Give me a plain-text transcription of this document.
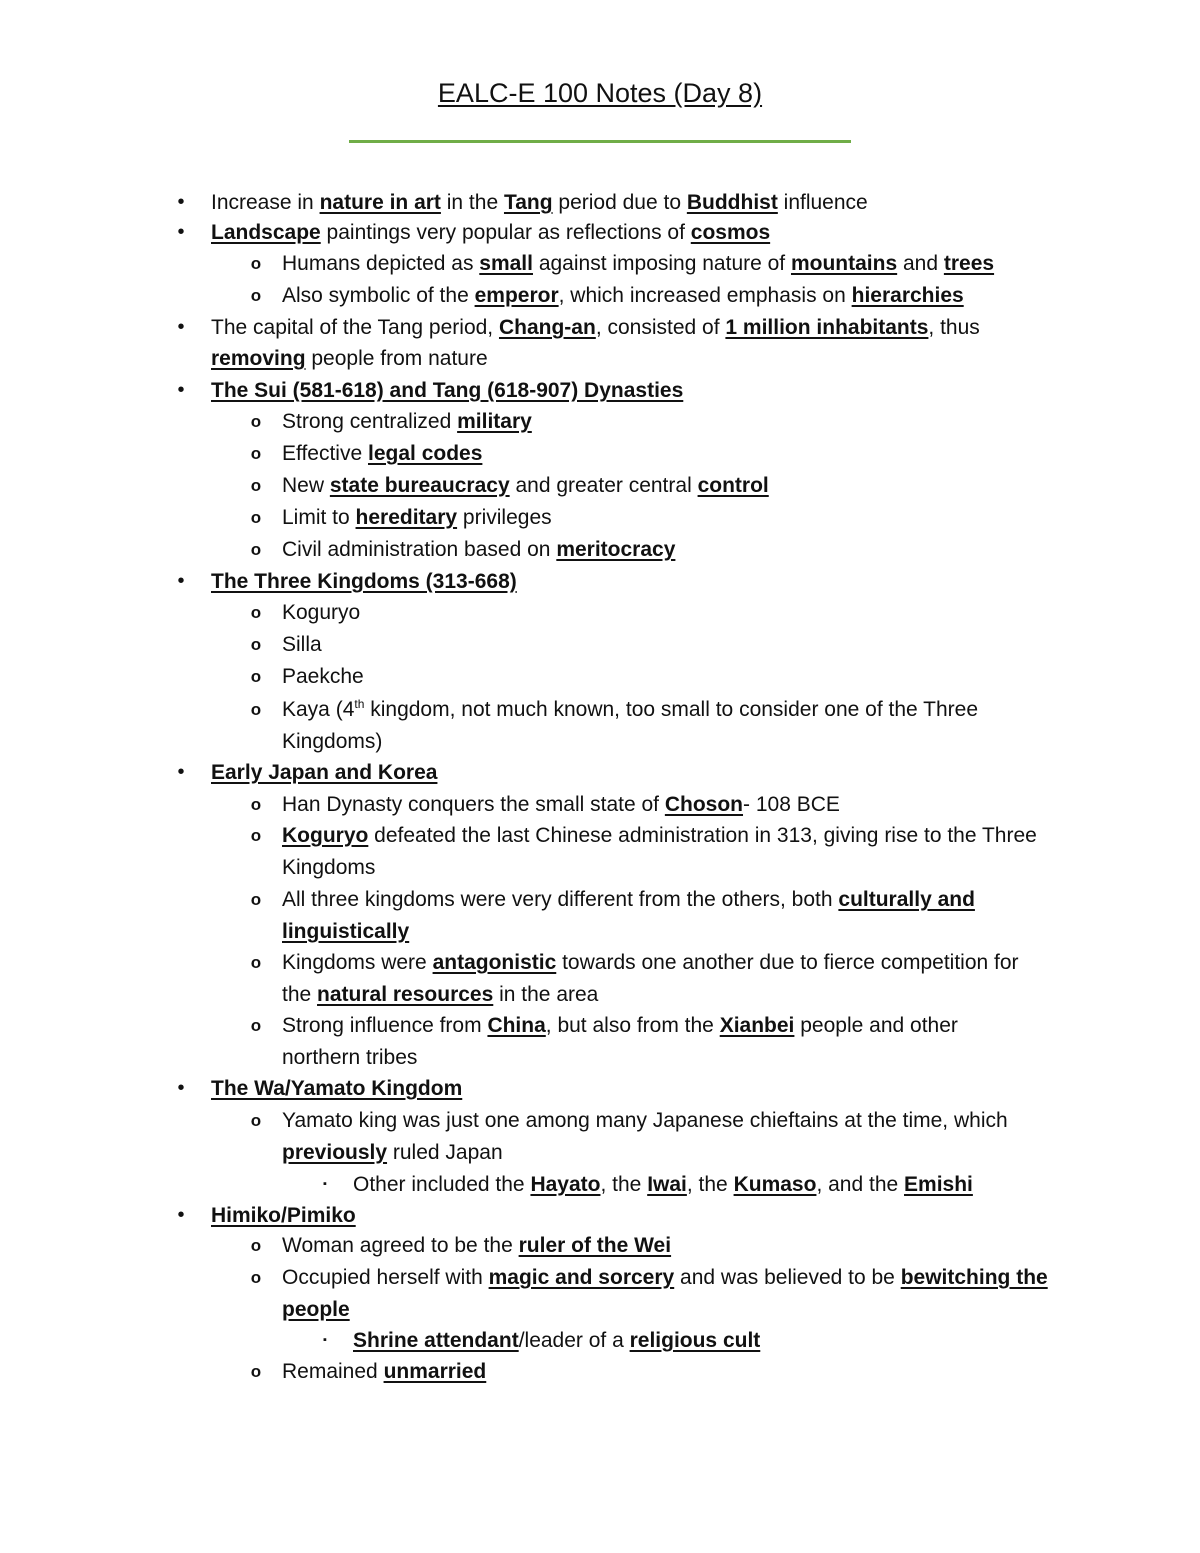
EALC-E 100 Notes (Day 8)
•	Increase in nature in art in the Tang period due to Buddhist influence
•	Landscape paintings very popular as reflections of cosmos
o Humans depicted as small against imposing nature of mountains and trees
o Also symbolic of the emperor, which increased emphasis on hierarchies
•	The capital of the Tang period, Chang-an, consisted of 1 million inhabitants, thus
removing people from nature
•	The Sui (581-618) and Tang (618-907) Dynasties
o Strong centralized military
o Effective legal codes
o New state bureaucracy and greater central control
o Limit to hereditary privileges
o Civil administration based on meritocracy
•	The Three Kingdoms (313-668)
o Koguryo
o Silla
o Paekche
o Kaya (4th kingdom, not much known, too small to consider one of the Three
Kingdoms)
•	Early Japan and Korea
o Han Dynasty conquers the small state of Choson- 108 BCE
o Koguryo defeated the last Chinese administration in 313, giving rise to the Three
Kingdoms
o All three kingdoms were very different from the others, both culturally and
linguistically
o Kingdoms were antagonistic towards one another due to fierce competition for
the natural resources in the area
o Strong influence from China, but also from the Xianbei people and other
northern tribes
•	The Wa/Yamato Kingdom
o Yamato king was just one among many Japanese chieftains at the time, which
previously ruled Japan
▪	Other included the Hayato, the Iwai, the Kumaso, and the Emishi
•	Himiko/Pimiko
o Woman agreed to be the ruler of the Wei
o Occupied herself with magic and sorcery and was believed to be bewitching the
people
▪	Shrine attendant/leader of a religious cult
o Remained unmarried
